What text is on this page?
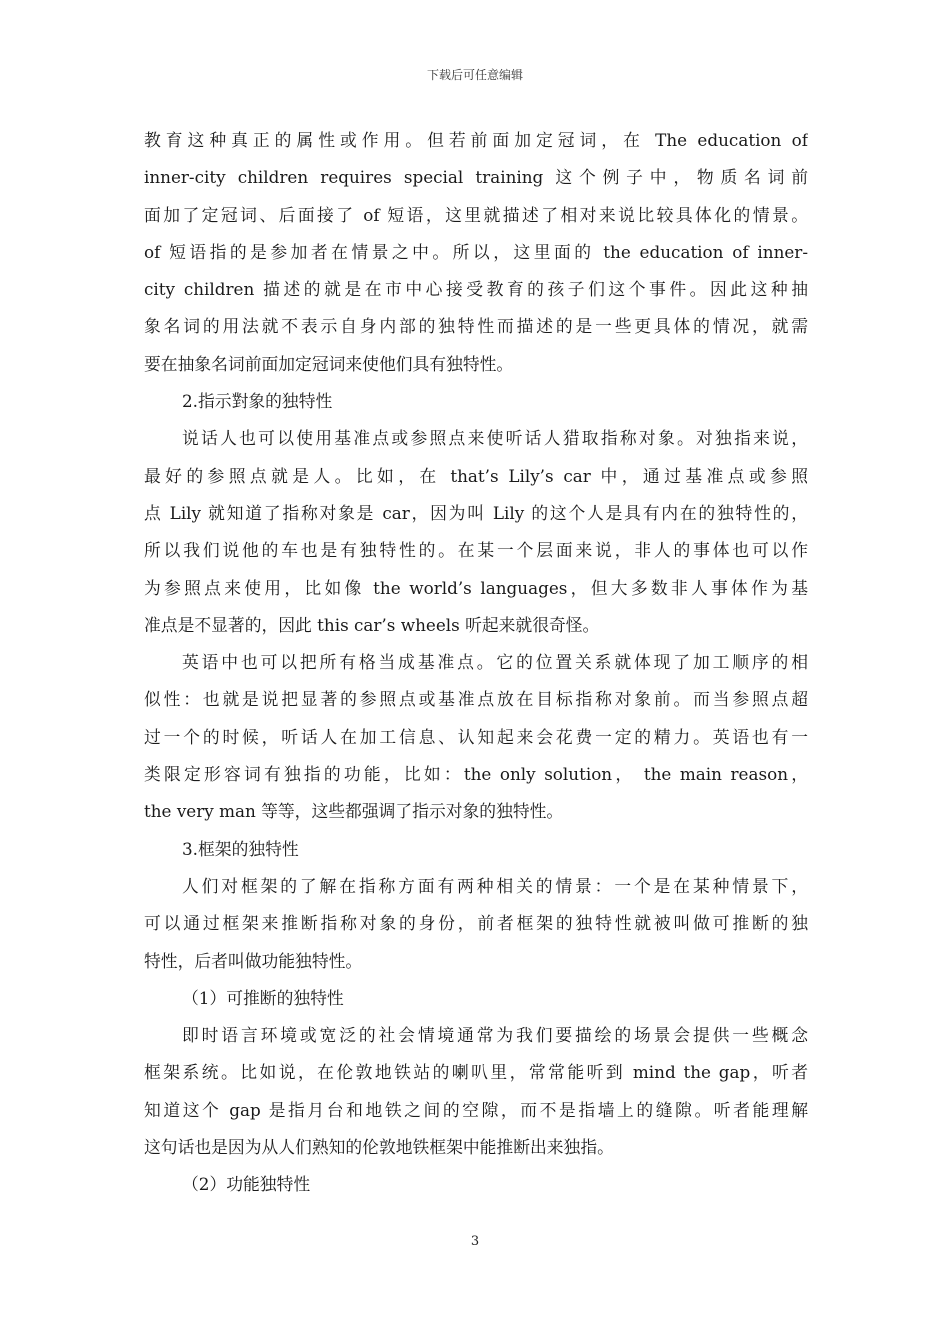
下载后可任意编辑
教育这种真正的属性或作用。但若前面加定冠词，在 The education of
inner-city children requires special training 这个例子中，物质名词前
面加了定冠词、后面接了 of 短语，这里就描述了相对来说比较具体化的情景。
of 短语指的是参加者在情景之中。所以，这里面的 the education of inner-
city children 描述的就是在市中心接受教育的孩子们这个事件。因此这种抽
象名词的用法就不表示自身内部的独特性而描述的是一些更具体的情况，就需
要在抽象名词前面加定冠词来使他们具有独特性。
2.指示對象的独特性
说话人也可以使用基准点或参照点来使听话人猎取指称对象。对独指来说，
最好的参照点就是人。比如，在 that’s Lily’s car 中，通过基准点或参照
点 Lily 就知道了指称对象是 car，因为叫 Lily 的这个人是具有内在的独特性的，
所以我们说他的车也是有独特性的。在某一个层面来说，非人的事体也可以作
为参照点来使用，比如像 the world’s languages，但大多数非人事体作为基
准点是不显著的，因此 this car’s wheels 听起来就很奇怪。
英语中也可以把所有格当成基准点。它的位置关系就体现了加工顺序的相
似性：也就是说把显著的参照点或基准点放在目标指称对象前。而当参照点超
过一个的时候，听话人在加工信息、认知起来会花费一定的精力。英语也有一
类限定形容词有独指的功能，比如：the only solution， the main reason，
the very man 等等，这些都强调了指示对象的独特性。
3.框架的独特性
人们对框架的了解在指称方面有两种相关的情景：一个是在某种情景下，
可以通过框架来推断指称对象的身份，前者框架的独特性就被叫做可推断的独
特性，后者叫做功能独特性。
（1）可推断的独特性
即时语言环境或宽泛的社会情境通常为我们要描绘的场景会提供一些概念
框架系统。比如说，在伦敦地铁站的喇叭里，常常能听到 mind the gap，听者
知道这个 gap 是指月台和地铁之间的空隙，而不是指墙上的缝隙。听者能理解
这句话也是因为从人们熟知的伦敦地铁框架中能推断出来独指。
（2）功能独特性
3
